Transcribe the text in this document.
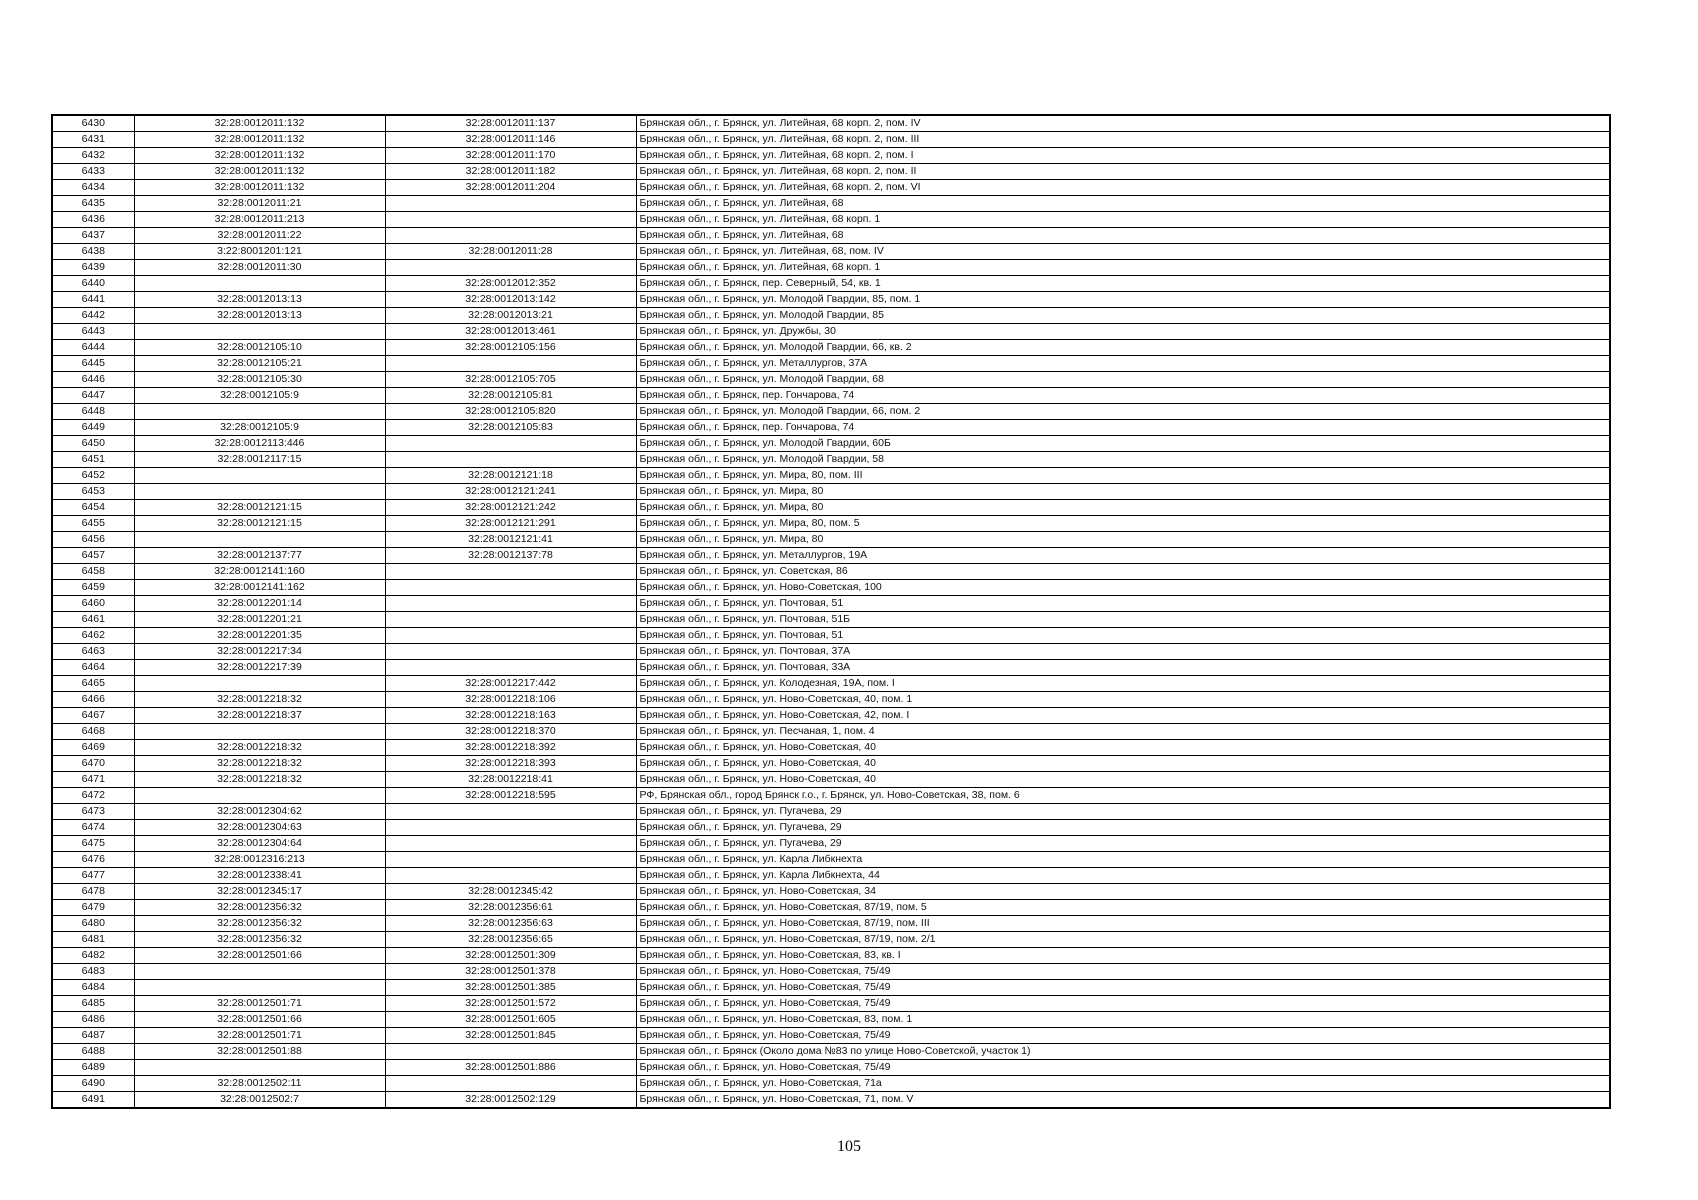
6430	32:28:0012011:132	32:28:0012011:137	Брянская обл., г. Брянск, ул. Литейная, 68 корп. 2, пом. IV
6431	32:28:0012011:132	32:28:0012011:146	Брянская обл., г. Брянск, ул. Литейная, 68 корп. 2, пом. III
6432	32:28:0012011:132	32:28:0012011:170	Брянская обл., г. Брянск, ул. Литейная, 68 корп. 2, пом. I
6433	32:28:0012011:132	32:28:0012011:182	Брянская обл., г. Брянск, ул. Литейная, 68 корп. 2, пом. II
6434	32:28:0012011:132	32:28:0012011:204	Брянская обл., г. Брянск, ул. Литейная, 68 корп. 2, пом. VI
6435	32:28:0012011:21		Брянская обл., г. Брянск, ул. Литейная, 68
6436	32:28:0012011:213		Брянская обл., г. Брянск, ул. Литейная, 68 корп. 1
6437	32:28:0012011:22		Брянская обл., г. Брянск, ул. Литейная, 68
6438	3:22:8001201:121	32:28:0012011:28	Брянская обл., г. Брянск, ул. Литейная, 68, пом. IV
6439	32:28:0012011:30		Брянская обл., г. Брянск, ул. Литейная, 68 корп. 1
6440		32:28:0012012:352	Брянская обл., г. Брянск, пер. Северный, 54, кв. 1
6441	32:28:0012013:13	32:28:0012013:142	Брянская обл., г. Брянск, ул. Молодой Гвардии, 85, пом. 1
6442	32:28:0012013:13	32:28:0012013:21	Брянская обл., г. Брянск, ул. Молодой Гвардии, 85
6443		32:28:0012013:461	Брянская обл., г. Брянск, ул. Дружбы, 30
6444	32:28:0012105:10	32:28:0012105:156	Брянская обл., г. Брянск, ул. Молодой Гвардии, 66, кв. 2
6445	32:28:0012105:21		Брянская обл., г. Брянск, ул. Металлургов, 37А
6446	32:28:0012105:30	32:28:0012105:705	Брянская обл., г. Брянск, ул. Молодой Гвардии, 68
6447	32:28:0012105:9	32:28:0012105:81	Брянская обл., г. Брянск, пер. Гончарова, 74
6448		32:28:0012105:820	Брянская обл., г. Брянск, ул. Молодой Гвардии, 66, пом. 2
6449	32:28:0012105:9	32:28:0012105:83	Брянская обл., г. Брянск, пер. Гончарова, 74
6450	32:28:0012113:446		Брянская обл., г. Брянск, ул. Молодой Гвардии, 60Б
6451	32:28:0012117:15		Брянская обл., г. Брянск, ул. Молодой Гвардии, 58
6452		32:28:0012121:18	Брянская обл., г. Брянск, ул. Мира, 80, пом. III
6453		32:28:0012121:241	Брянская обл., г. Брянск, ул. Мира, 80
6454	32:28:0012121:15	32:28:0012121:242	Брянская обл., г. Брянск, ул. Мира, 80
6455	32:28:0012121:15	32:28:0012121:291	Брянская обл., г. Брянск, ул. Мира, 80, пом. 5
6456		32:28:0012121:41	Брянская обл., г. Брянск, ул. Мира, 80
6457	32:28:0012137:77	32:28:0012137:78	Брянская обл., г. Брянск, ул. Металлургов, 19А
6458	32:28:0012141:160		Брянская обл., г. Брянск, ул. Советская, 86
6459	32:28:0012141:162		Брянская обл., г. Брянск, ул. Ново-Советская, 100
6460	32:28:0012201:14		Брянская обл., г. Брянск, ул. Почтовая, 51
6461	32:28:0012201:21		Брянская обл., г. Брянск, ул. Почтовая, 51Б
6462	32:28:0012201:35		Брянская обл., г. Брянск, ул. Почтовая, 51
6463	32:28:0012217:34		Брянская обл., г. Брянск, ул. Почтовая, 37А
6464	32:28:0012217:39		Брянская обл., г. Брянск, ул. Почтовая, 33А
6465		32:28:0012217:442	Брянская обл., г. Брянск, ул. Колодезная, 19А, пом. I
6466	32:28:0012218:32	32:28:0012218:106	Брянская обл., г. Брянск, ул. Ново-Советская, 40, пом. 1
6467	32:28:0012218:37	32:28:0012218:163	Брянская обл., г. Брянск, ул. Ново-Советская, 42, пом. I
6468		32:28:0012218:370	Брянская обл., г. Брянск, ул. Песчаная, 1, пом. 4
6469	32:28:0012218:32	32:28:0012218:392	Брянская обл., г. Брянск, ул. Ново-Советская, 40
6470	32:28:0012218:32	32:28:0012218:393	Брянская обл., г. Брянск, ул. Ново-Советская, 40
6471	32:28:0012218:32	32:28:0012218:41	Брянская обл., г. Брянск, ул. Ново-Советская, 40
6472		32:28:0012218:595	РФ, Брянская обл., город Брянск г.о., г. Брянск, ул. Ново-Советская, 38, пом. 6
6473	32:28:0012304:62		Брянская обл., г. Брянск, ул. Пугачева, 29
6474	32:28:0012304:63		Брянская обл., г. Брянск, ул. Пугачева, 29
6475	32:28:0012304:64		Брянская обл., г. Брянск, ул. Пугачева, 29
6476	32:28:0012316:213		Брянская обл., г. Брянск, ул. Карла Либкнехта
6477	32:28:0012338:41		Брянская обл., г. Брянск, ул. Карла Либкнехта, 44
6478	32:28:0012345:17	32:28:0012345:42	Брянская обл., г. Брянск, ул. Ново-Советская, 34
6479	32:28:0012356:32	32:28:0012356:61	Брянская обл., г. Брянск, ул. Ново-Советская, 87/19, пом. 5
6480	32:28:0012356:32	32:28:0012356:63	Брянская обл., г. Брянск, ул. Ново-Советская, 87/19, пом. III
6481	32:28:0012356:32	32:28:0012356:65	Брянская обл., г. Брянск, ул. Ново-Советская, 87/19, пом. 2/1
6482	32:28:0012501:66	32:28:0012501:309	Брянская обл., г. Брянск, ул. Ново-Советская, 83, кв. I
6483		32:28:0012501:378	Брянская обл., г. Брянск, ул. Ново-Советская, 75/49
6484		32:28:0012501:385	Брянская обл., г. Брянск, ул. Ново-Советская, 75/49
6485	32:28:0012501:71	32:28:0012501:572	Брянская обл., г. Брянск, ул. Ново-Советская, 75/49
6486	32:28:0012501:66	32:28:0012501:605	Брянская обл., г. Брянск, ул. Ново-Советская, 83, пом. 1
6487	32:28:0012501:71	32:28:0012501:845	Брянская обл., г. Брянск, ул. Ново-Советская, 75/49
6488	32:28:0012501:88		Брянская обл., г. Брянск (Около дома №83 по улице Ново-Советской, участок 1)
6489		32:28:0012501:886	Брянская обл., г. Брянск, ул. Ново-Советская, 75/49
6490	32:28:0012502:11		Брянская обл., г. Брянск, ул. Ново-Советская, 71а
6491	32:28:0012502:7	32:28:0012502:129	Брянская обл., г. Брянск, ул. Ново-Советская, 71, пом. V
105
